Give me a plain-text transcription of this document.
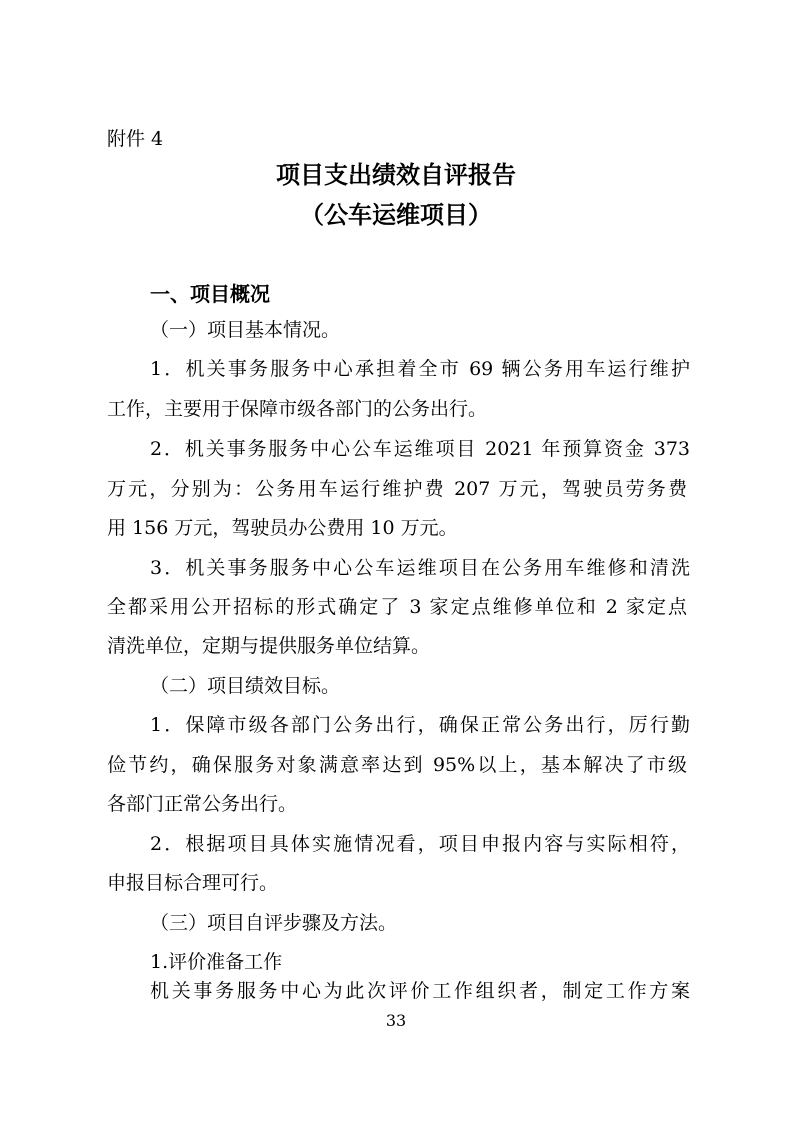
附件 4
项目支出绩效自评报告
（公车运维项目）
一、项目概况
（一）项目基本情况。
1．机关事务服务中心承担着全市 69 辆公务用车运行维护
工作，主要用于保障市级各部门的公务出行。
2．机关事务服务中心公车运维项目 2021 年预算资金 373
万元，分别为：公务用车运行维护费 207 万元，驾驶员劳务费
用 156 万元，驾驶员办公费用 10 万元。
3．机关事务服务中心公车运维项目在公务用车维修和清洗
全都采用公开招标的形式确定了 3 家定点维修单位和 2 家定点
清洗单位，定期与提供服务单位结算。
（二）项目绩效目标。
1．保障市级各部门公务出行，确保正常公务出行，厉行勤
俭节约，确保服务对象满意率达到 95%以上，基本解决了市级
各部门正常公务出行。
2．根据项目具体实施情况看，项目申报内容与实际相符，
申报目标合理可行。
（三）项目自评步骤及方法。
1.评价准备工作
机关事务服务中心为此次评价工作组织者，制定工作方案
33
